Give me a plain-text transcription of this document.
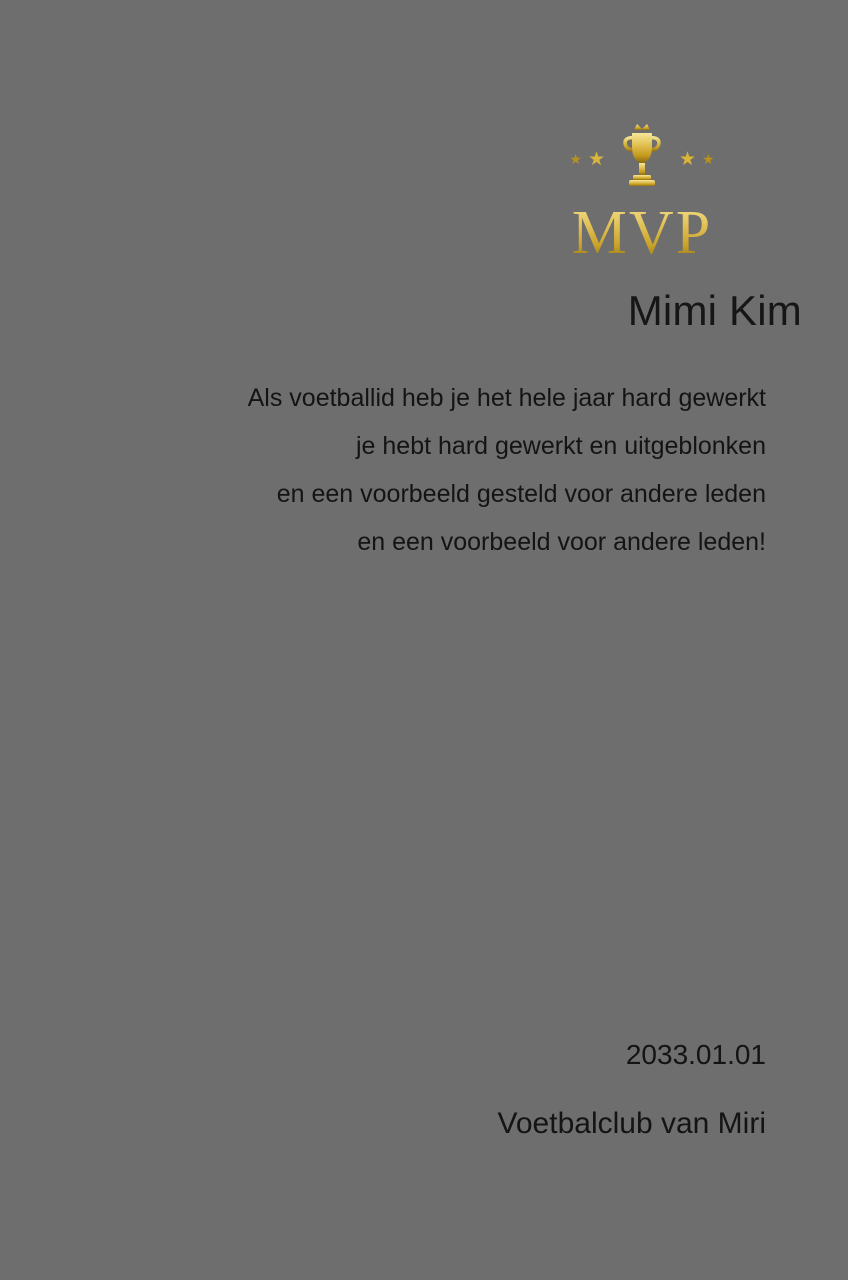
★ ★	★ ★
MVP
Mimi Kim
Als voetballid heb je het hele jaar hard gewerkt
je hebt hard gewerkt en uitgeblonken
en een voorbeeld gesteld voor andere leden
en een voorbeeld voor andere leden!
2033.01.01
Voetbalclub van Miri
